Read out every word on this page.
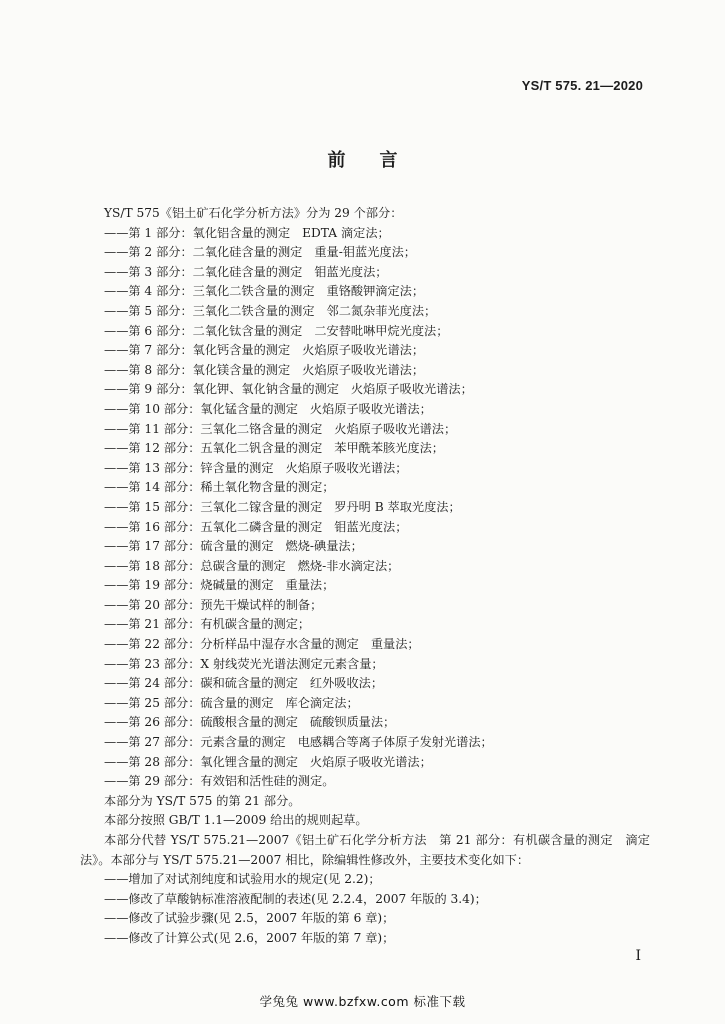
YS/T 575. 21—2020
前言
YS/T 575《铝土矿石化学分析方法》分为 29 个部分：
——第 1 部分：氧化铝含量的测定 EDTA 滴定法；
——第 2 部分：二氧化硅含量的测定 重量-钼蓝光度法；
——第 3 部分：二氧化硅含量的测定 钼蓝光度法；
——第 4 部分：三氧化二铁含量的测定 重铬酸钾滴定法；
——第 5 部分：三氧化二铁含量的测定 邻二氮杂菲光度法；
——第 6 部分：二氧化钛含量的测定 二安替吡啉甲烷光度法；
——第 7 部分：氧化钙含量的测定 火焰原子吸收光谱法；
——第 8 部分：氧化镁含量的测定 火焰原子吸收光谱法；
——第 9 部分：氧化钾、氧化钠含量的测定 火焰原子吸收光谱法；
——第 10 部分：氧化锰含量的测定 火焰原子吸收光谱法；
——第 11 部分：三氧化二铬含量的测定 火焰原子吸收光谱法；
——第 12 部分：五氧化二钒含量的测定 苯甲酰苯胲光度法；
——第 13 部分：锌含量的测定 火焰原子吸收光谱法；
——第 14 部分：稀土氧化物含量的测定；
——第 15 部分：三氧化二镓含量的测定 罗丹明 B 萃取光度法；
——第 16 部分：五氧化二磷含量的测定 钼蓝光度法；
——第 17 部分：硫含量的测定 燃烧-碘量法；
——第 18 部分：总碳含量的测定 燃烧-非水滴定法；
——第 19 部分：烧碱量的测定 重量法；
——第 20 部分：预先干燥试样的制备；
——第 21 部分：有机碳含量的测定；
——第 22 部分：分析样品中湿存水含量的测定 重量法；
——第 23 部分：X 射线荧光光谱法测定元素含量；
——第 24 部分：碳和硫含量的测定 红外吸收法；
——第 25 部分：硫含量的测定 库仑滴定法；
——第 26 部分：硫酸根含量的测定 硫酸钡质量法；
——第 27 部分：元素含量的测定 电感耦合等离子体原子发射光谱法；
——第 28 部分：氧化锂含量的测定 火焰原子吸收光谱法；
——第 29 部分：有效铝和活性硅的测定。
本部分为 YS/T 575 的第 21 部分。
本部分按照 GB/T 1.1—2009 给出的规则起草。
本部分代替 YS/T 575.21—2007《铝土矿石化学分析方法　第 21 部分：有机碳含量的测定　滴定法》。本部分与 YS/T 575.21—2007 相比，除编辑性修改外，主要技术变化如下：
——增加了对试剂纯度和试验用水的规定(见 2.2)；
——修改了草酸钠标准溶液配制的表述(见 2.2.4，2007 年版的 3.4)；
——修改了试验步骤(见 2.5，2007 年版的第 6 章)；
——修改了计算公式(见 2.6，2007 年版的第 7 章)；
I
学兔兔 www.bzfxw.com 标准下载
